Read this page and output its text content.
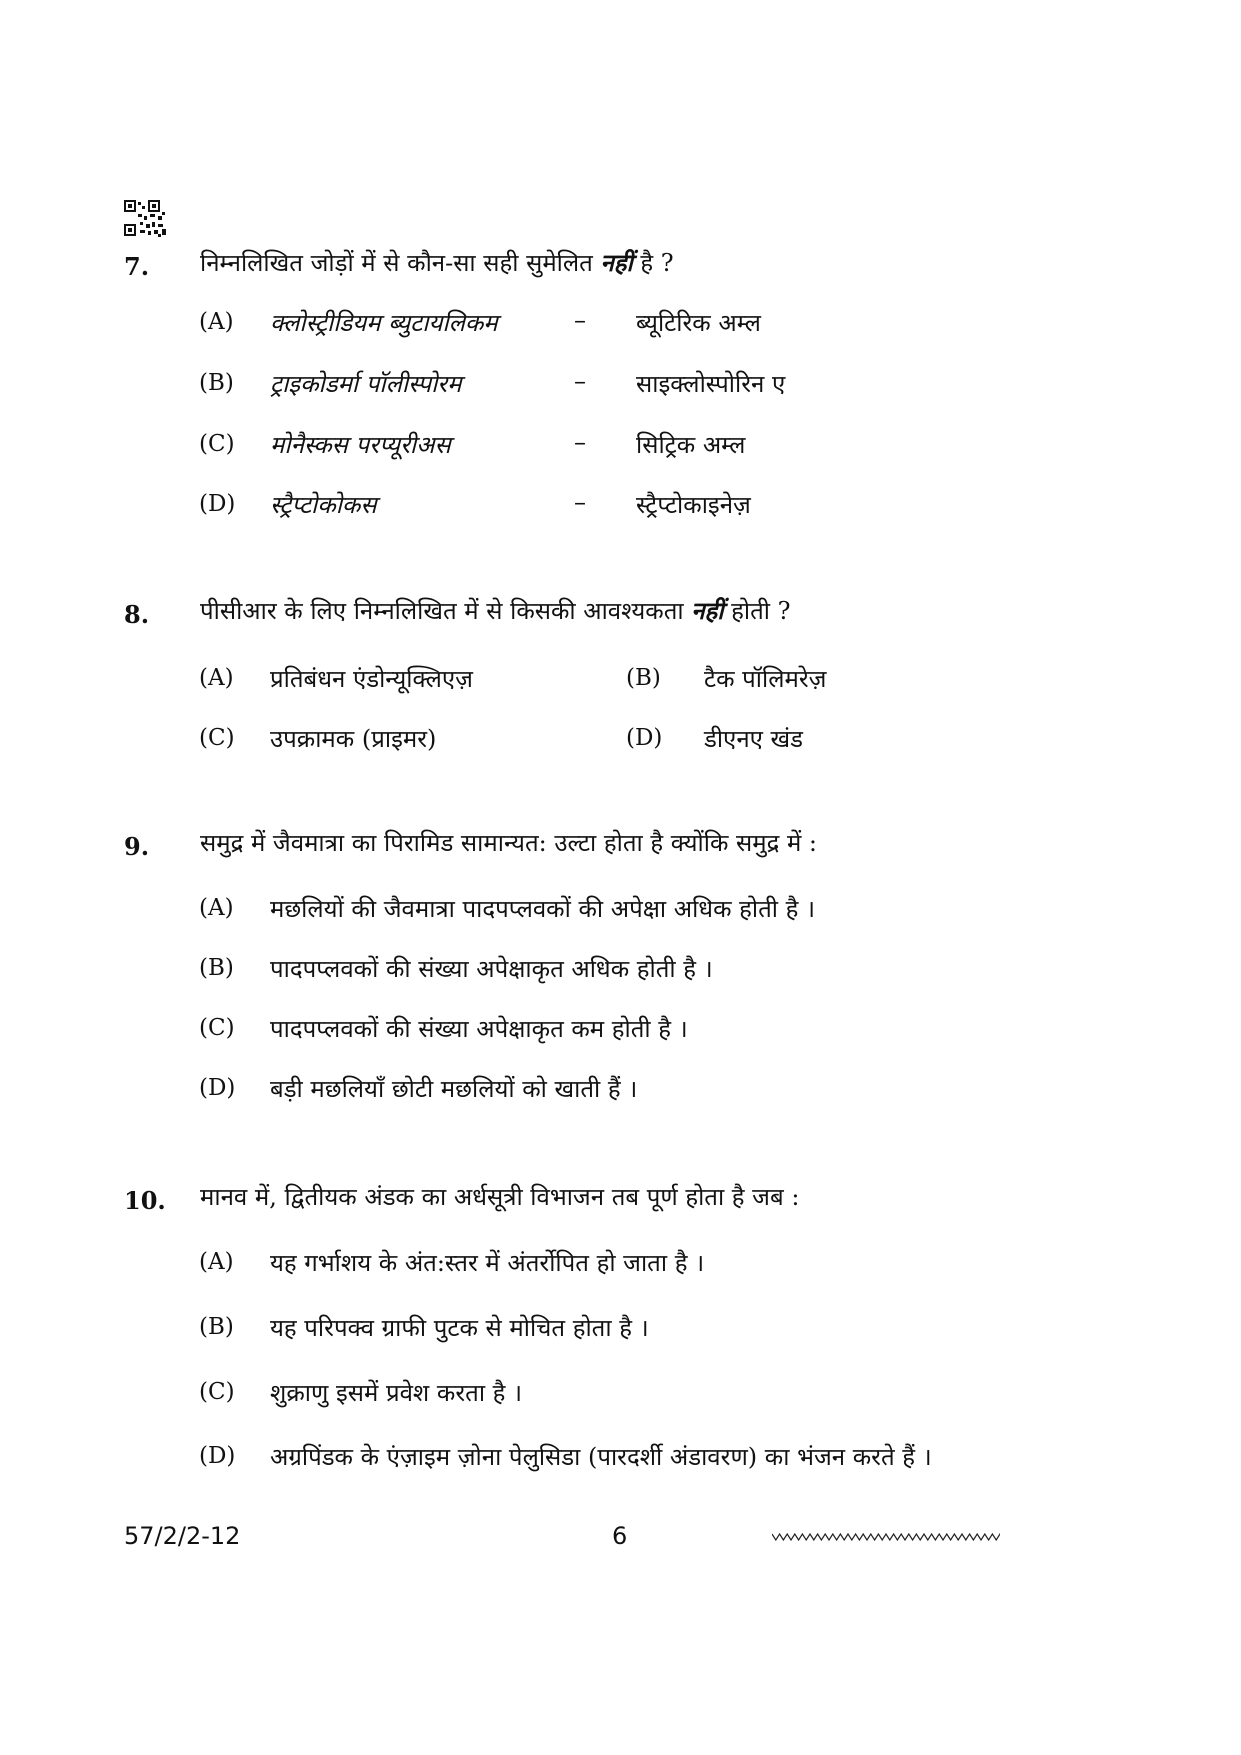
7. निम्नलिखित जोड़ों में से कौन-सा सही सुमेलित नहीं है ?
(A) क्लोस्ट्रीडियम ब्युटायलिकम	– ब्यूटिरिक अम्ल
(B) ट्राइकोडर्मा पॉलीस्पोरम	– साइक्लोस्पोरिन ए
(C) मोनैस्कस परप्यूरीअस	– सिट्रिक अम्ल
(D) स्ट्रैप्टोकोकस	– स्ट्रैप्टोकाइनेज़
8. पीसीआर के लिए निम्नलिखित में से किसकी आवश्यकता नहीं होती ?
(A) प्रतिबंधन एंडोन्यूक्लिएज़	(B) टैक पॉलिमरेज़
(C) उपक्रामक (प्राइमर)	(D) डीएनए खंड
9. समुद्र में जैवमात्रा का पिरामिड सामान्यत: उल्टा होता है क्योंकि समुद्र में :
(A) मछलियों की जैवमात्रा पादपप्लवकों की अपेक्षा अधिक होती है ।
(B) पादपप्लवकों की संख्या अपेक्षाकृत अधिक होती है ।
(C) पादपप्लवकों की संख्या अपेक्षाकृत कम होती है ।
(D) बड़ी मछलियाँ छोटी मछलियों को खाती हैं ।
10. मानव में, द्वितीयक अंडक का अर्धसूत्री विभाजन तब पूर्ण होता है जब :
(A) यह गर्भाशय के अंत:स्तर में अंतर्रोपित हो जाता है ।
(B) यह परिपक्व ग्राफी पुटक से मोचित होता है ।
(C) शुक्राणु इसमें प्रवेश करता है ।
(D) अग्रपिंडक के एंज़ाइम ज़ोना पेलुसिडा (पारदर्शी अंडावरण) का भंजन करते हैं ।
57/2/2-12	6
